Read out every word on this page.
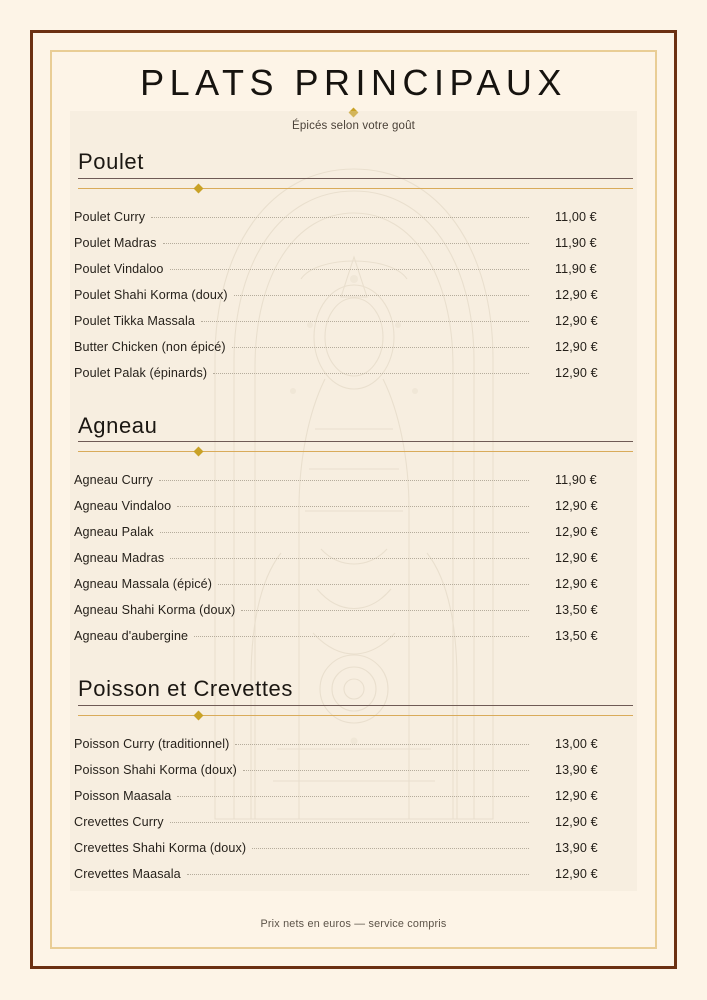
PLATS PRINCIPAUX
Épicés selon votre goût
Poulet
Poulet Curry	11,00 €
Poulet Madras	11,90 €
Poulet Vindaloo	11,90 €
Poulet Shahi Korma (doux)	12,90 €
Poulet Tikka Massala	12,90 €
Butter Chicken (non épicé)	12,90 €
Poulet Palak (épinards)	12,90 €
Agneau
Agneau Curry	11,90 €
Agneau Vindaloo	12,90 €
Agneau Palak	12,90 €
Agneau Madras	12,90 €
Agneau Massala (épicé)	12,90 €
Agneau Shahi Korma (doux)	13,50 €
Agneau d'aubergine	13,50 €
Poisson et Crevettes
Poisson Curry (traditionnel)	13,00 €
Poisson Shahi Korma (doux)	13,90 €
Poisson Maasala	12,90 €
Crevettes Curry	12,90 €
Crevettes Shahi Korma (doux)	13,90 €
Crevettes Maasala	12,90 €
Prix nets en euros — service compris
